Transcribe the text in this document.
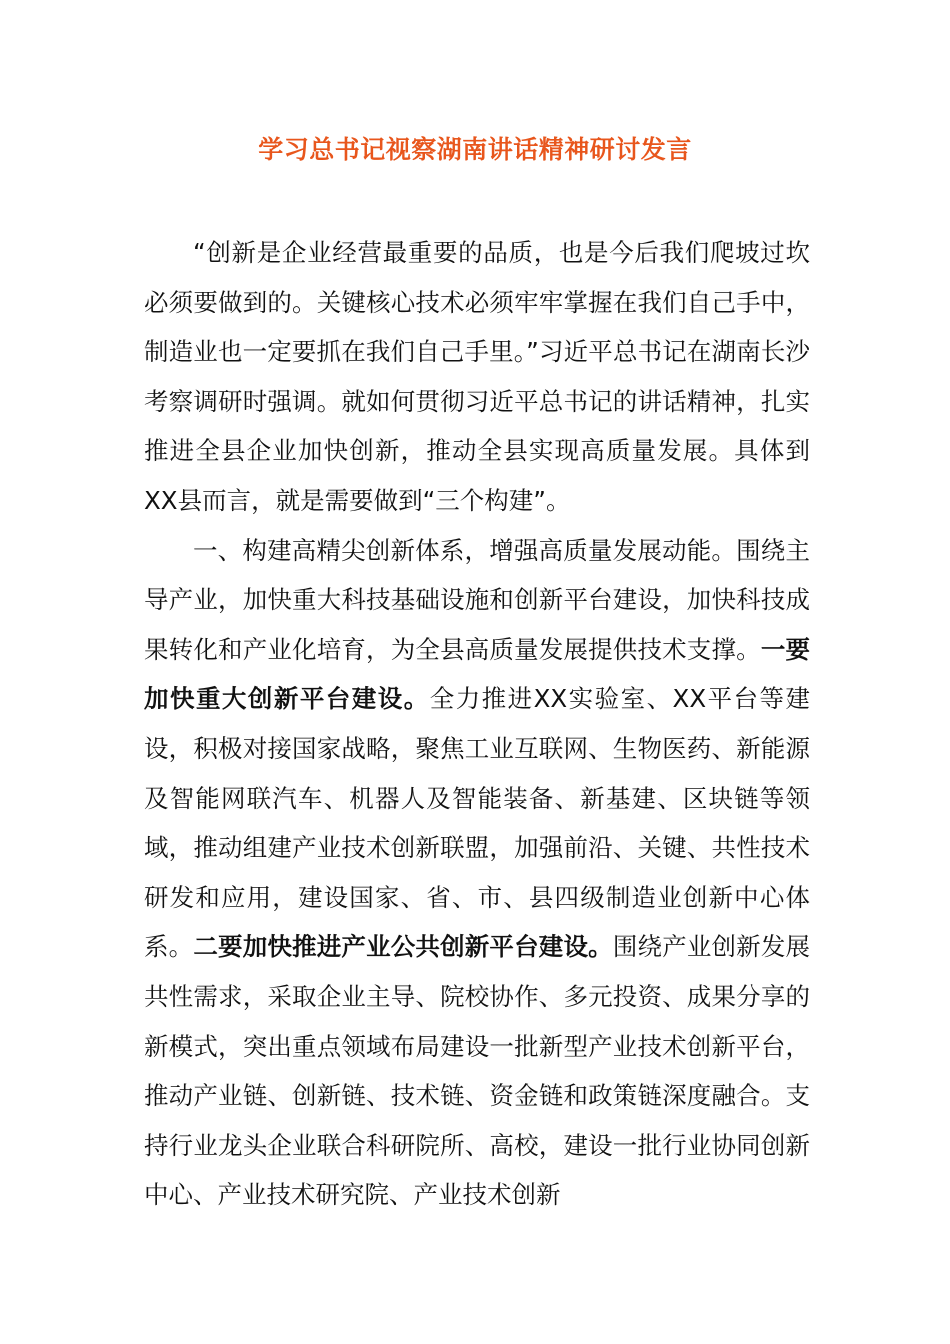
学习总书记视察湖南讲话精神研讨发言

“创新是企业经营最重要的品质，也是今后我们爬坡过坎必须要做到的。关键核心技术必须牢牢掌握在我们自己手中，制造业也一定要抓在我们自己手里。”习近平总书记在湖南长沙考察调研时强调。就如何贯彻习近平总书记的讲话精神，扎实推进全县企业加快创新，推动全县实现高质量发展。具体到XX县而言，就是需要做到“三个构建”。

一、构建高精尖创新体系，增强高质量发展动能。围绕主导产业，加快重大科技基础设施和创新平台建设，加快科技成果转化和产业化培育，为全县高质量发展提供技术支撑。一要加快重大创新平台建设。全力推进XX实验室、XX平台等建设，积极对接国家战略，聚焦工业互联网、生物医药、新能源及智能网联汽车、机器人及智能装备、新基建、区块链等领域，推动组建产业技术创新联盟，加强前沿、关键、共性技术研发和应用，建设国家、省、市、县四级制造业创新中心体系。二要加快推进产业公共创新平台建设。围绕产业创新发展共性需求，采取企业主导、院校协作、多元投资、成果分享的新模式，突出重点领域布局建设一批新型产业技术创新平台，推动产业链、创新链、技术链、资金链和政策链深度融合。支持行业龙头企业联合科研院所、高校，建设一批行业协同创新中心、产业技术研究院、产业技术创新
